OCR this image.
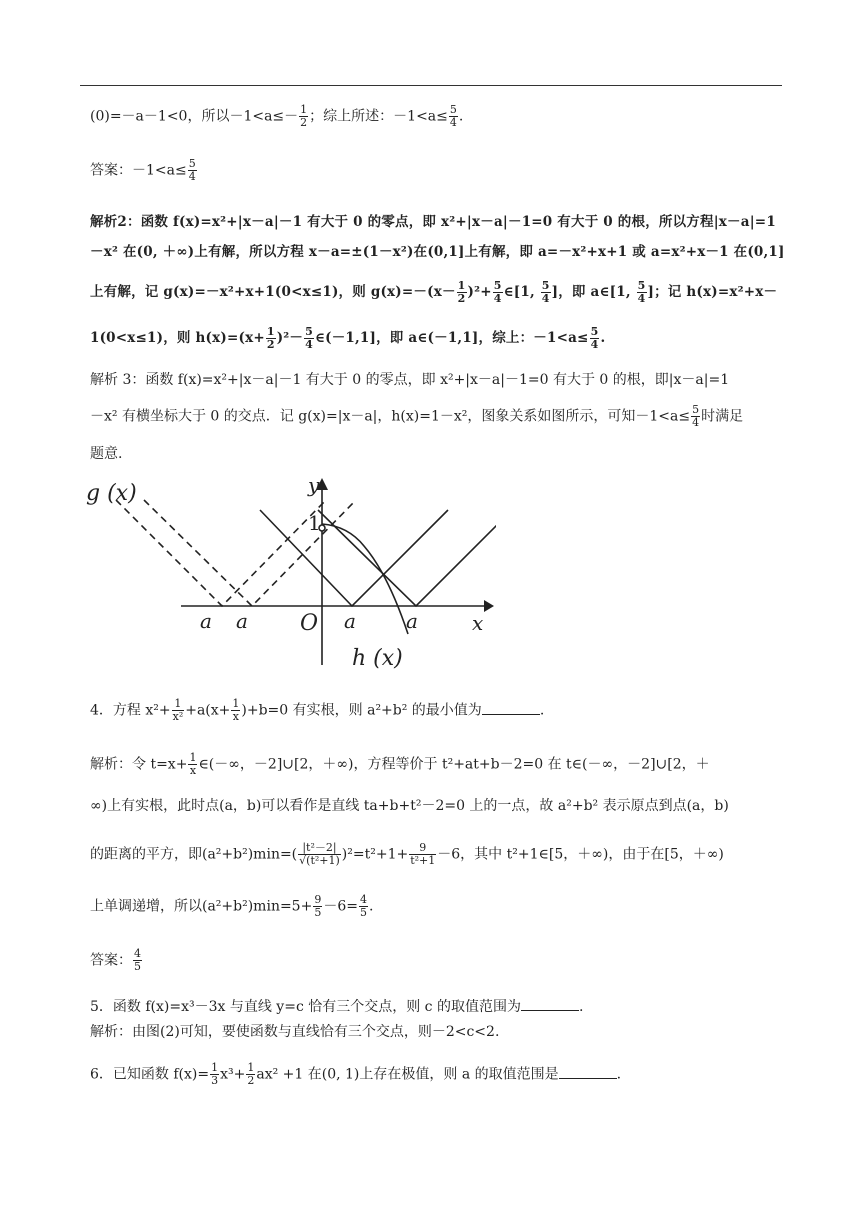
(0)=－a－1<0，所以$-1<a\le- \frac{1}{2}$ ；综上所述：$-1<a\le \frac{5}{4}$ .
答案：$-1<a\le \frac{5}{4}$
解析2：函数 f(x)=x²+|x－a|－1 有大于 0 的零点，即 x²+|x－a|－1=0 有大于 0 的根，所以方程|x－a|=1
－x² 在(0, ＋∞)上有解，所以方程 x－a=±(1－x²)在(0,1]上有解，即 a=－x²+x+1 或 a=x²+x－1 在(0,1]
上有解，记 g(x)=－x²+x+1(0<x≤1)，则 $g(x)=-(x- \frac{1}{2} )^2+ \frac{5}{4}$ ∈[1, $\frac{5}{4}$ ]，即 a∈[1, $\frac{5}{4}$ ]；记 h(x)=x²+x－
1(0<x≤1)，则 $h(x)=(x+ \frac{1}{2} )^2- \frac{5}{4}$ ∈(－1,1]，即 a∈(－1,1]，综上：$-1<a\le \frac{5}{4}$ .
解析 3：函数 f(x)=x²+|x－a|－1 有大于 0 的零点，即 x²+|x－a|－1=0 有大于 0 的根，即|x－a|=1
－x² 有横坐标大于 0 的交点．记 g(x)=|x－a|，h(x)=1－x²，图象关系如图所示，可知$-1<a\le \frac{5}{4}$ 时满足
题意.
g (x)	y
1
a a O a	a	x
h (x)
4．方程 $x^2+ \frac{1}{\text{x²}} +a(x+ \frac{1}{x} )+b=0$ 有实根，则 a²+b² 的最小值为	.
解析：令 $t=x+ \frac{1}{x}$ ∈(－∞，－2]∪[2，＋∞)，方程等价于 t²+at+b－2=0 在 t∈(－∞，－2]∪[2，＋
∞)上有实根，此时点(a，b)可以看作是直线 ta+b+t²－2=0 上的一点，故 a²+b² 表示原点到点(a，b)
的距离的平方，即$(a^2+b^2)\min=( \frac{\text{|t²－2|}}{\text{√(t²+1)}} )^2=t^2+1+ \frac{9}{\text{t²+1}} -6$，其中 t²+1∈[5，＋∞)，由于在[5，＋∞)
上单调递增，所以$(a^2+b^2)\min=5+ \frac{9}{5} -6= \frac{4}{5}$ .
答案： $\frac{4}{5}$
5．函数 f(x)=x³－3x 与直线 y=c 恰有三个交点，则 c 的取值范围为	.
解析：由图(2)可知，要使函数与直线恰有三个交点，则－2<c<2.
6．已知函数 $f(x)= \frac{1}{3} x^3+ \frac{1}{2} ax^2 +1$ 在(0, 1)上存在极值，则 a 的取值范围是	.
